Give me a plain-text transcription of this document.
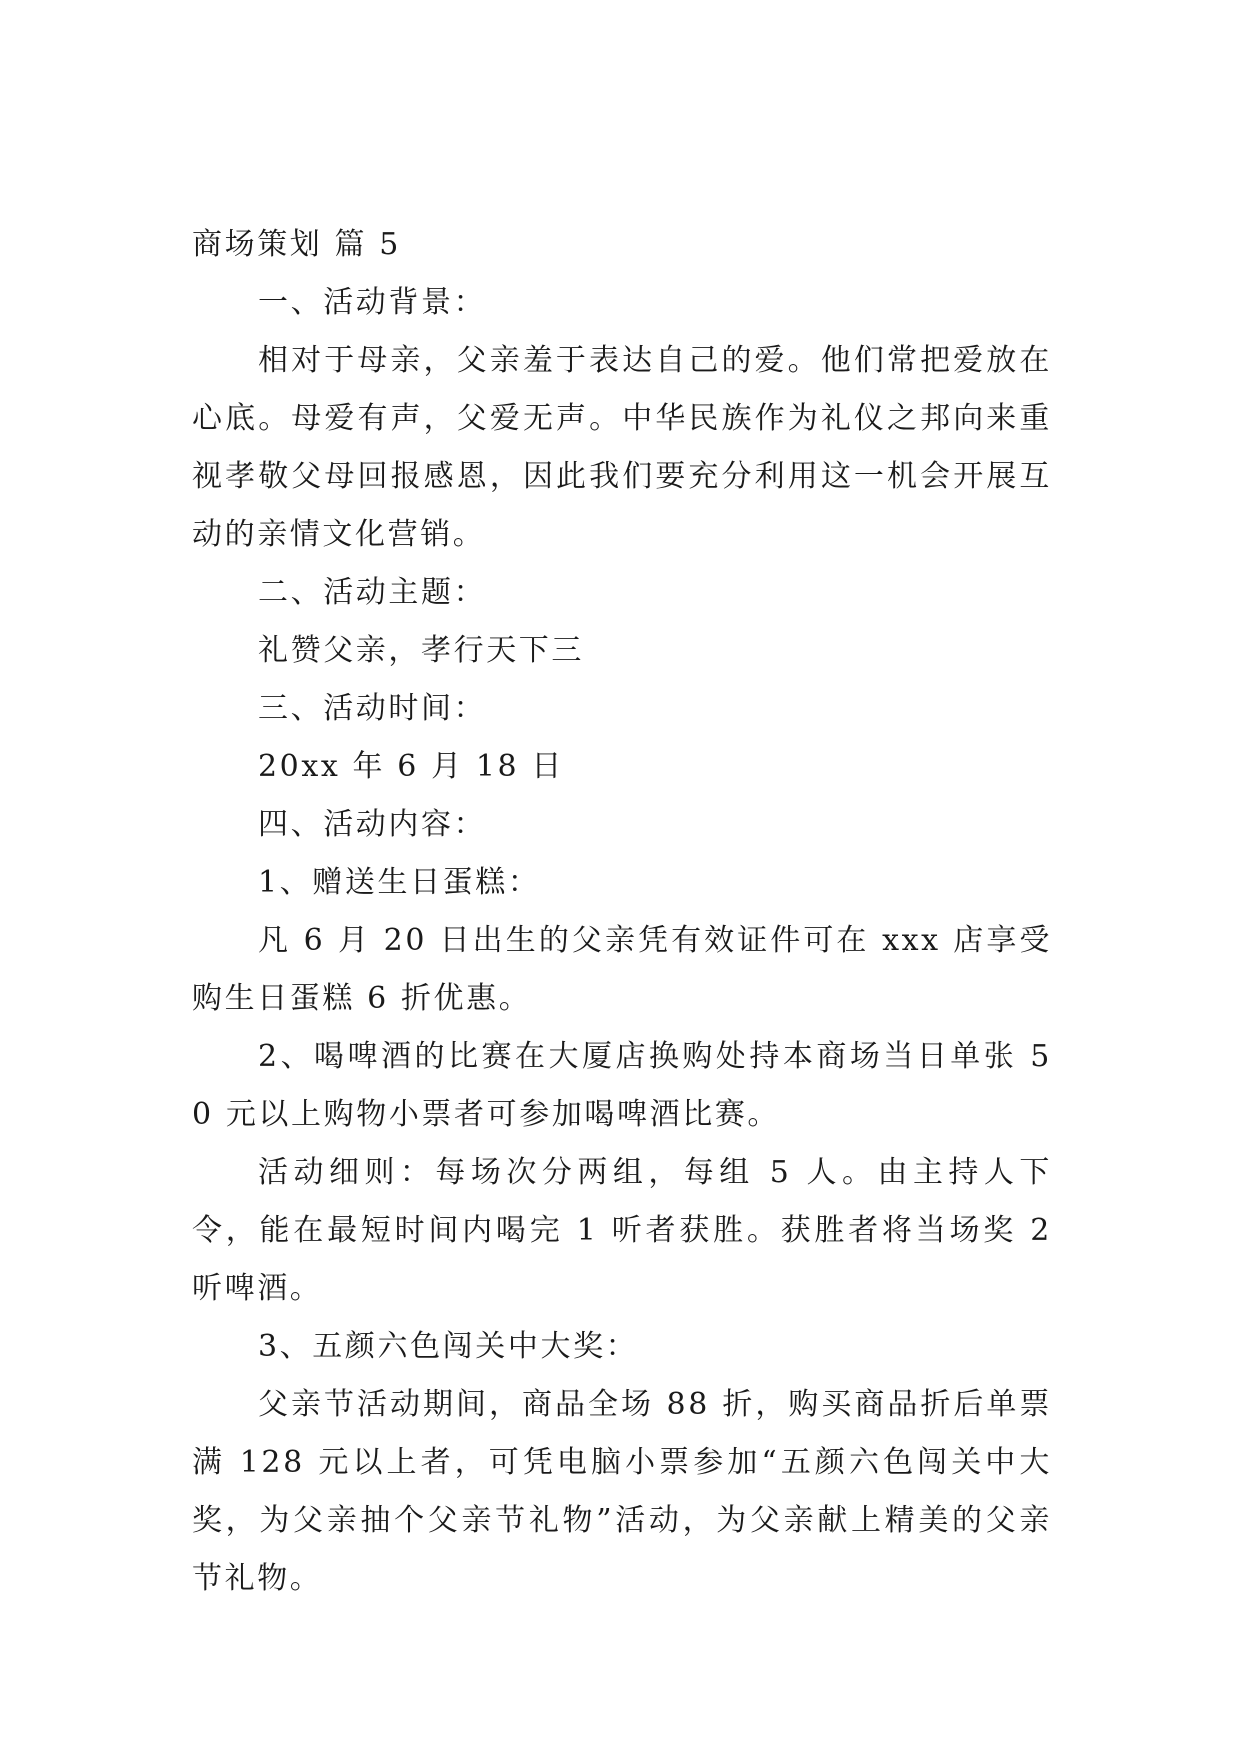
商场策划 篇 5

一、活动背景：

相对于母亲，父亲羞于表达自己的爱。他们常把爱放在心底。母爱有声，父爱无声。中华民族作为礼仪之邦向来重视孝敬父母回报感恩，因此我们要充分利用这一机会开展互动的亲情文化营销。

二、活动主题：

礼赞父亲，孝行天下三

三、活动时间：

20xx 年 6 月 18 日

四、活动内容：

1、赠送生日蛋糕：

凡 6 月 20 日出生的父亲凭有效证件可在 xxx 店享受购生日蛋糕 6 折优惠。

2、喝啤酒的比赛在大厦店换购处持本商场当日单张 50 元以上购物小票者可参加喝啤酒比赛。

活动细则：每场次分两组，每组 5 人。由主持人下令，能在最短时间内喝完 1 听者获胜。获胜者将当场奖 2 听啤酒。

3、五颜六色闯关中大奖：

父亲节活动期间，商品全场 88 折，购买商品折后单票满 128 元以上者，可凭电脑小票参加“五颜六色闯关中大奖，为父亲抽个父亲节礼物”活动，为父亲献上精美的父亲节礼物。
